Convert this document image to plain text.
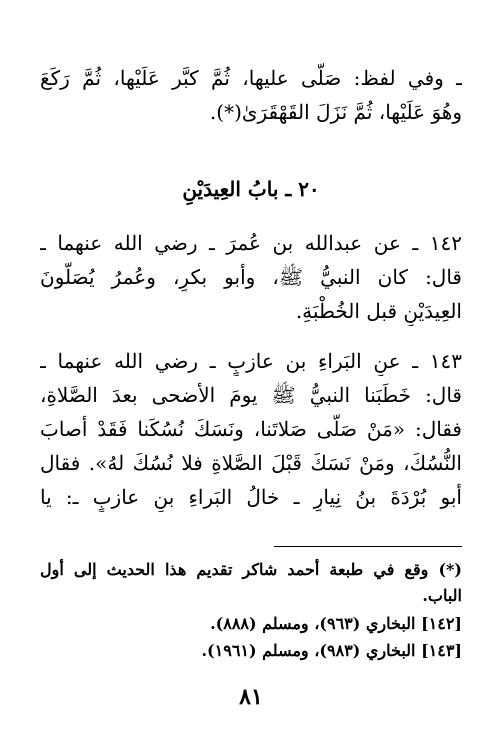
ـ وفي لفظ: صَلّى عليها، ثُمَّ كبَّر عَلَيْها، ثُمَّ رَكَعَ
وهُوَ عَلَيْها، ثُمَّ نَزَلَ القَهْقَرَىٰ(*).
٢٠ ـ بابُ العِيدَيْنِ
١٤٢ ـ عن عبدالله بن عُمرَ ـ رضي الله عنهما ـ
قال: كان النبيُّ ﷺ، وأبو بكرٍ، وعُمرُ يُصَلُّونَ
العِيدَيْنِ قبل الخُطْبَةِ.
١٤٣ ـ عنِ البَراءِ بن عازبٍ ـ رضي الله عنهما ـ
قال: خَطَبَنا النبيُّ ﷺ يومَ الأضحى بعدَ الصَّلاةِ،
فقال: «مَنْ صَلَّى صَلاتَنا، ونَسَكَ نُسُكَنا فَقَدْ أصابَ
النُّسُكَ، ومَنْ نَسَكَ قَبْلَ الصَّلاةِ فلا نُسُكَ لهُ». فقال
أبو بُرْدَةَ بنُ نِيارٍ ـ خالُ البَراءِ بنِ عازبٍ ـ: يا
(*) وقع في طبعة أحمد شاكر تقديم هذا الحديث إلى أول
الباب.
[١٤٢] البخاري (٩٦٣)، ومسلم (٨٨٨).
[١٤٣] البخاري (٩٨٣)، ومسلم (١٩٦١).
٨١
